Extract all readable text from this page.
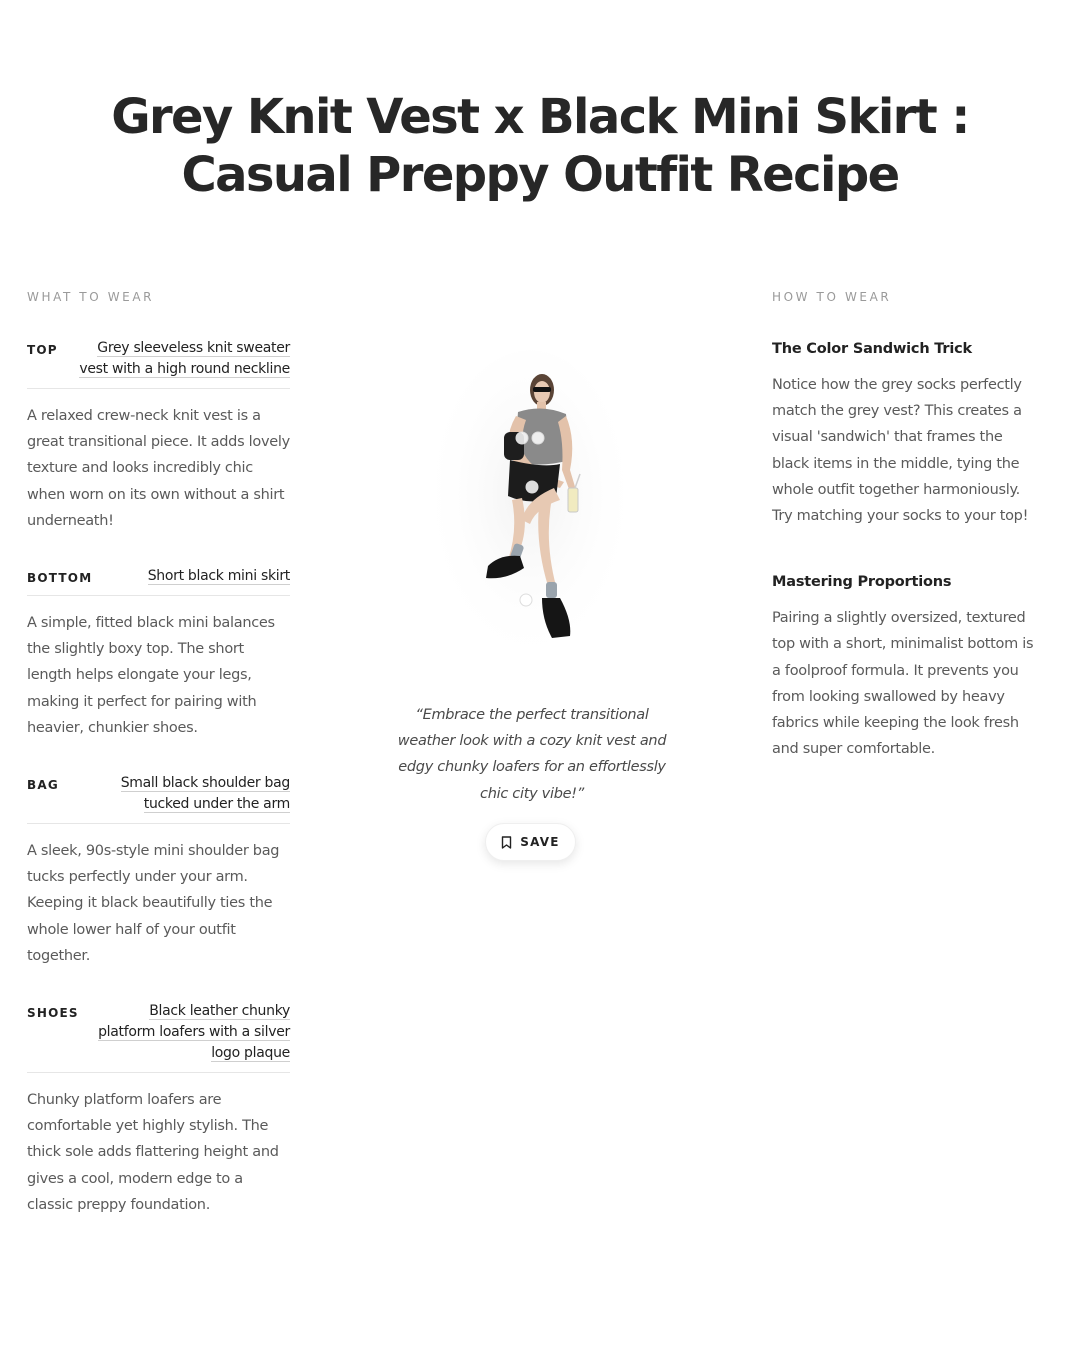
Grey Knit Vest x Black Mini Skirt : Casual Preppy Outfit Recipe
WHAT TO WEAR	HOW TO WEAR
TOP	Grey sleeveless knit sweater vest with a high round neckline
A relaxed crew-neck knit vest is a great transitional piece. It adds lovely texture and looks incredibly chic when worn on its own without a shirt underneath!
BOTTOM	Short black mini skirt
A simple, fitted black mini balances the slightly boxy top. The short length helps elongate your legs, making it perfect for pairing with heavier, chunkier shoes.
BAG	Small black shoulder bag tucked under the arm
A sleek, 90s-style mini shoulder bag tucks perfectly under your arm. Keeping it black beautifully ties the whole lower half of your outfit together.
SHOES	Black leather chunky platform loafers with a silver logo plaque
Chunky platform loafers are comfortable yet highly stylish. The thick sole adds flattering height and gives a cool, modern edge to a classic preppy foundation.

“Embrace the perfect transitional weather look with a cozy knit vest and edgy chunky loafers for an effortlessly chic city vibe!”

SAVE
The Color Sandwich Trick
Notice how the grey socks perfectly match the grey vest? This creates a visual 'sandwich' that frames the black items in the middle, tying the whole outfit together harmoniously. Try matching your socks to your top!
Mastering Proportions
Pairing a slightly oversized, textured top with a short, minimalist bottom is a foolproof formula. It prevents you from looking swallowed by heavy fabrics while keeping the look fresh and super comfortable.
